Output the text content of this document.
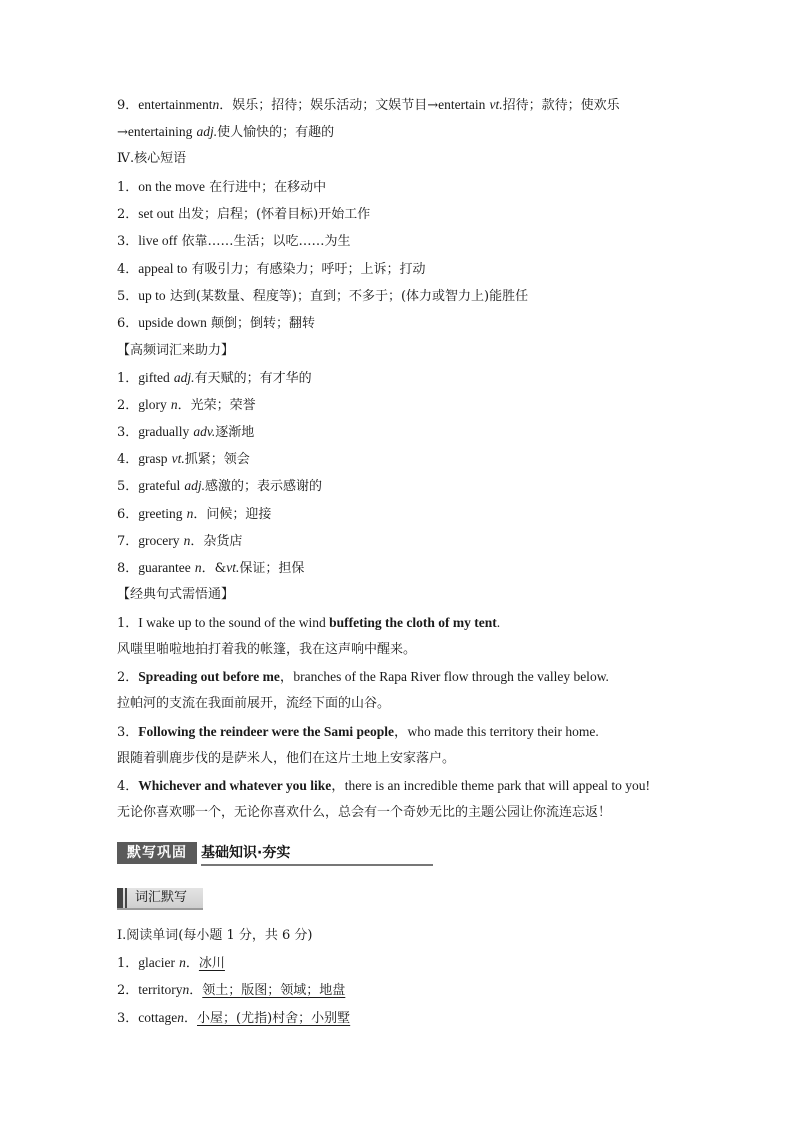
9．entertainmentn．娱乐；招待；娱乐活动；文娱节目→entertain vt.招待；款待；使欢乐
→entertaining adj.使人愉快的；有趣的
Ⅳ.核心短语
1．on the move 在行进中；在移动中
2．set out 出发；启程；(怀着目标)开始工作
3．live off 依靠……生活；以吃……为生
4．appeal to 有吸引力；有感染力；呼吁；上诉；打动
5．up to 达到(某数量、程度等)；直到；不多于；(体力或智力上)能胜任
6．upside down 颠倒；倒转；翻转
【高频词汇来助力】
1．gifted adj.有天赋的；有才华的
2．glory n．光荣；荣誉
3．gradually adv.逐渐地
4．grasp vt.抓紧；领会
5．grateful adj.感激的；表示感谢的
6．greeting n．问候；迎接
7．grocery n．杂货店
8．guarantee n．&vt.保证；担保
【经典句式需悟通】
1．I wake up to the sound of the wind buffeting the cloth of my tent.
风嗤里啪啦地拍打着我的帐篷，我在这声响中醒来。
2．Spreading out before me，branches of the Rapa River flow through the valley below.
拉帕河的支流在我面前展开，流经下面的山谷。
3．Following the reindeer were the Sami people，who made this territory their home.
跟随着驯鹿步伐的是萨米人，他们在这片土地上安家落户。
4．Whichever and whatever you like，there is an incredible theme park that will appeal to you!
无论你喜欢哪一个，无论你喜欢什么，总会有一个奇妙无比的主题公园让你流连忘返！
默写巩固	基础知识·夯实
词汇默写
Ⅰ.阅读单词(每小题 1 分，共 6 分)
1．glacier n．冰川
2．territoryn．领土；版图；领域；地盘
3．cottagen．小屋；(尤指)村舍；小别墅
